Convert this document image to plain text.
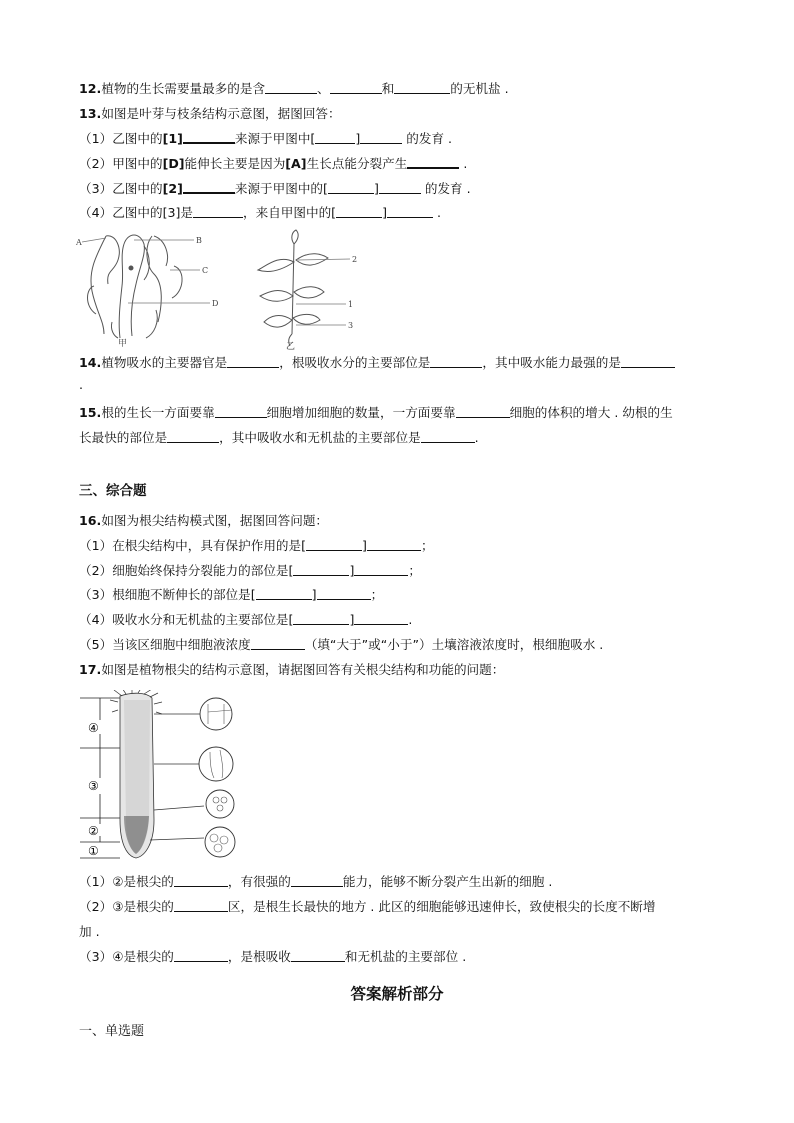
12.植物的生长需要量最多的是含	、	和	的无机盐 .
13.如图是叶芽与枝条结构示意图，据图回答：
（1）乙图中的[1]	来源于甲图中[	]	的发育 .
（2）甲图中的[D]能伸长主要是因为[A]生长点能分裂产生	.
（3）乙图中的[2]	来源于甲图中的[	]	的发育 .
（4）乙图中的[3]是	，来自甲图中的[	]	.
A	B
C
D
甲
2
1
3
乙
14.植物吸水的主要器官是	，根吸收水分的主要部位是	，其中吸水能力最强的是
.
15.根的生长一方面要靠	细胞增加细胞的数量，一方面要靠	细胞的体积的增大 . 幼根的生
长最快的部位是	，其中吸收水和无机盐的主要部位是	.
三、综合题
16.如图为根尖结构模式图，据图回答问题：
（1）在根尖结构中，具有保护作用的是[	]	；
（2）细胞始终保持分裂能力的部位是[	]	；
（3）根细胞不断伸长的部位是[	]	；
（4）吸收水分和无机盐的主要部位是[	]	.
（5）当该区细胞中细胞液浓度	（填“大于”或“小于”）土壤溶液浓度时，根细胞吸水 .
17.如图是植物根尖的结构示意图，请据图回答有关根尖结构和功能的问题：
④
③
②
①
（1）②是根尖的	，有很强的	能力，能够不断分裂产生出新的细胞 .
（2）③是根尖的	区，是根生长最快的地方 . 此区的细胞能够迅速伸长，致使根尖的长度不断增
加 .
（3）④是根尖的	，是根吸收	和无机盐的主要部位 .
答案解析部分
一、单选题
